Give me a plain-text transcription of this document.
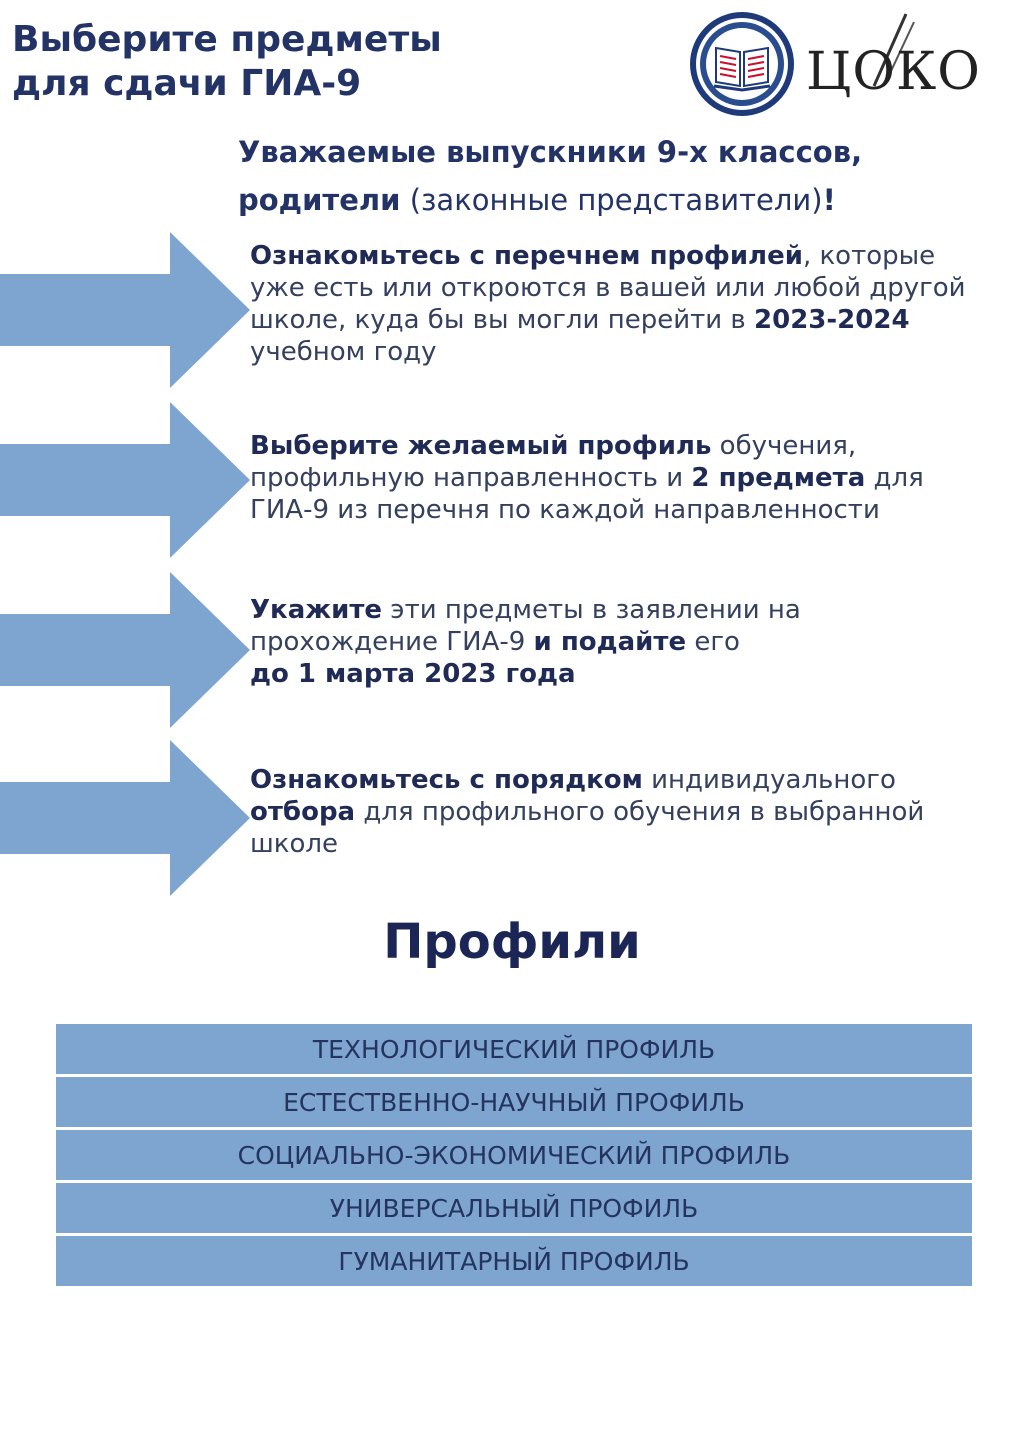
Выберите предметы
для сдачи ГИА-9	ЦОКО
Уважаемые выпускники 9-х классов,
родители (законные представители)!

Ознакомьтесь с перечнем профилей, которые уже есть или откроются в вашей или любой другой школе, куда бы вы могли перейти в 2023-2024 учебном году

Выберите желаемый профиль обучения, профильную направленность и 2 предмета для ГИА-9 из перечня по каждой направленности

Укажите эти предметы в заявлении на прохождение ГИА-9 и подайте его
до 1 марта 2023 года

Ознакомьтесь с порядком индивидуального отбора для профильного обучения в выбранной школе

Профили
ТЕХНОЛОГИЧЕСКИЙ ПРОФИЛЬ
ЕСТЕСТВЕННО-НАУЧНЫЙ ПРОФИЛЬ
СОЦИАЛЬНО-ЭКОНОМИЧЕСКИЙ ПРОФИЛЬ
УНИВЕРСАЛЬНЫЙ ПРОФИЛЬ
ГУМАНИТАРНЫЙ ПРОФИЛЬ
